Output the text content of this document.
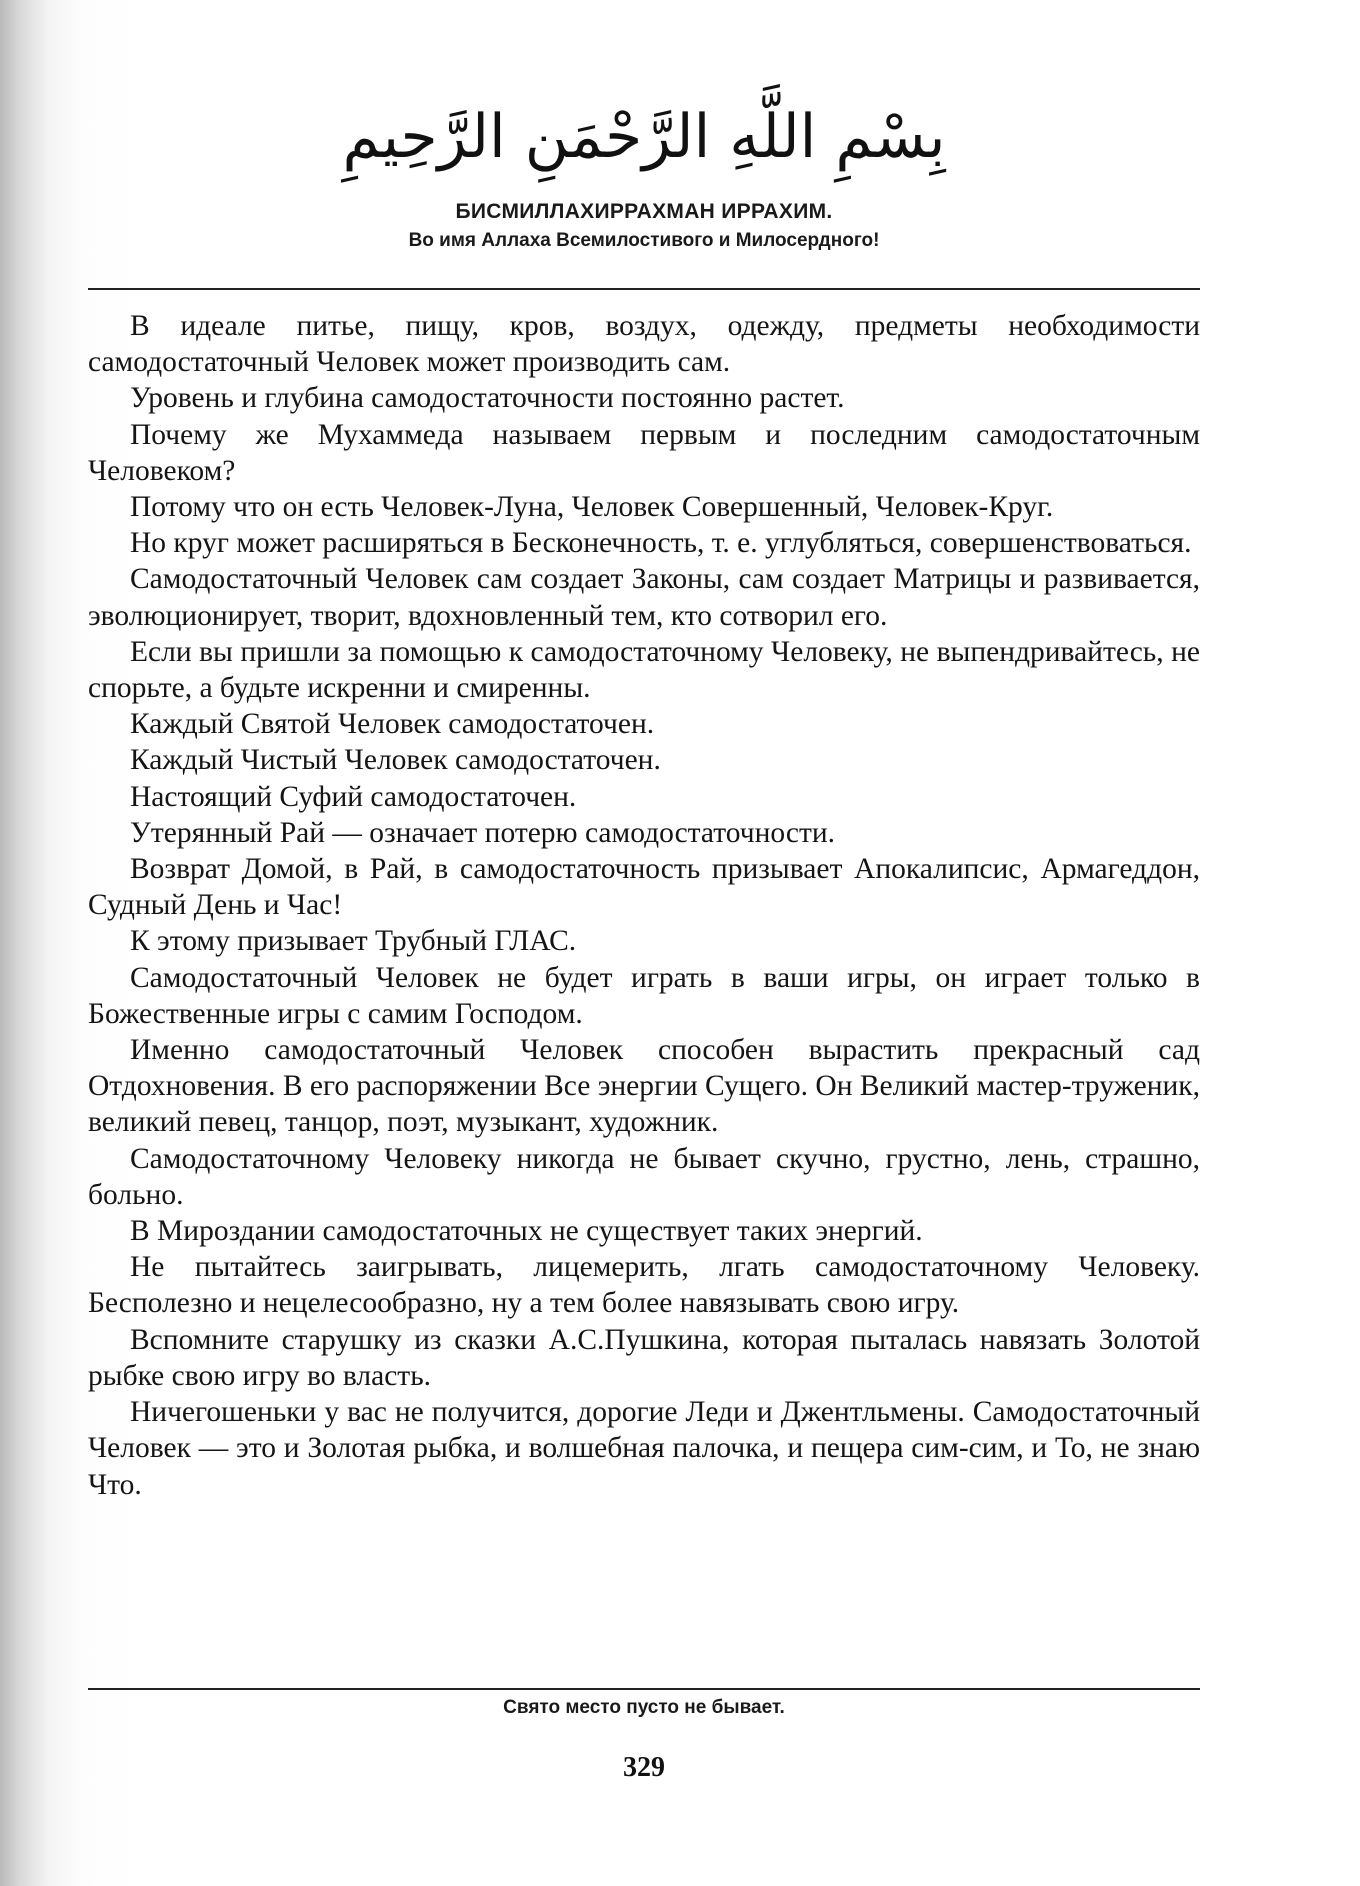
بِسْمِ اللَّهِ الرَّحْمَنِ الرَّحِيمِ
БИСМИЛЛАХИРРАХМАН ИРРАХИМ.
Во имя Аллаха Всемилостивого и Милосердного!

В идеале питье, пищу, кров, воздух, одежду, предметы необходимости самодостаточный Человек может производить сам.

Уровень и глубина самодостаточности постоянно растет.

Почему же Мухаммеда называем первым и последним самодостаточным Человеком?

Потому что он есть Человек-Луна, Человек Совершенный, Человек-Круг.

Но круг может расширяться в Бесконечность, т. е. углубляться, совершенствоваться.

Самодостаточный Человек сам создает Законы, сам создает Матрицы и развивается, эволюционирует, творит, вдохновленный тем, кто сотворил его.

Если вы пришли за помощью к самодостаточному Человеку, не выпендривайтесь, не спорьте, а будьте искренни и смиренны.

Каждый Святой Человек самодостаточен.

Каждый Чистый Человек самодостаточен.

Настоящий Суфий самодостаточен.

Утерянный Рай — означает потерю самодостаточности.

Возврат Домой, в Рай, в самодостаточность призывает Апокалипсис, Армагеддон, Судный День и Час!

К этому призывает Трубный ГЛАС.

Самодостаточный Человек не будет играть в ваши игры, он играет только в Божественные игры с самим Господом.

Именно самодостаточный Человек способен вырастить прекрасный сад Отдохновения. В его распоряжении Все энергии Сущего. Он Великий мастер-труженик, великий певец, танцор, поэт, музыкант, художник.

Самодостаточному Человеку никогда не бывает скучно, грустно, лень, страшно, больно.

В Мироздании самодостаточных не существует таких энергий.

Не пытайтесь заигрывать, лицемерить, лгать самодостаточному Человеку. Бесполезно и нецелесообразно, ну а тем более навязывать свою игру.

Вспомните старушку из сказки А.С.Пушкина, которая пыталась навязать Золотой рыбке свою игру во власть.

Ничегошеньки у вас не получится, дорогие Леди и Джентльмены. Самодостаточный Человек — это и Золотая рыбка, и волшебная палочка, и пещера сим-сим, и То, не знаю Что.

Свято место пусто не бывает.
329
